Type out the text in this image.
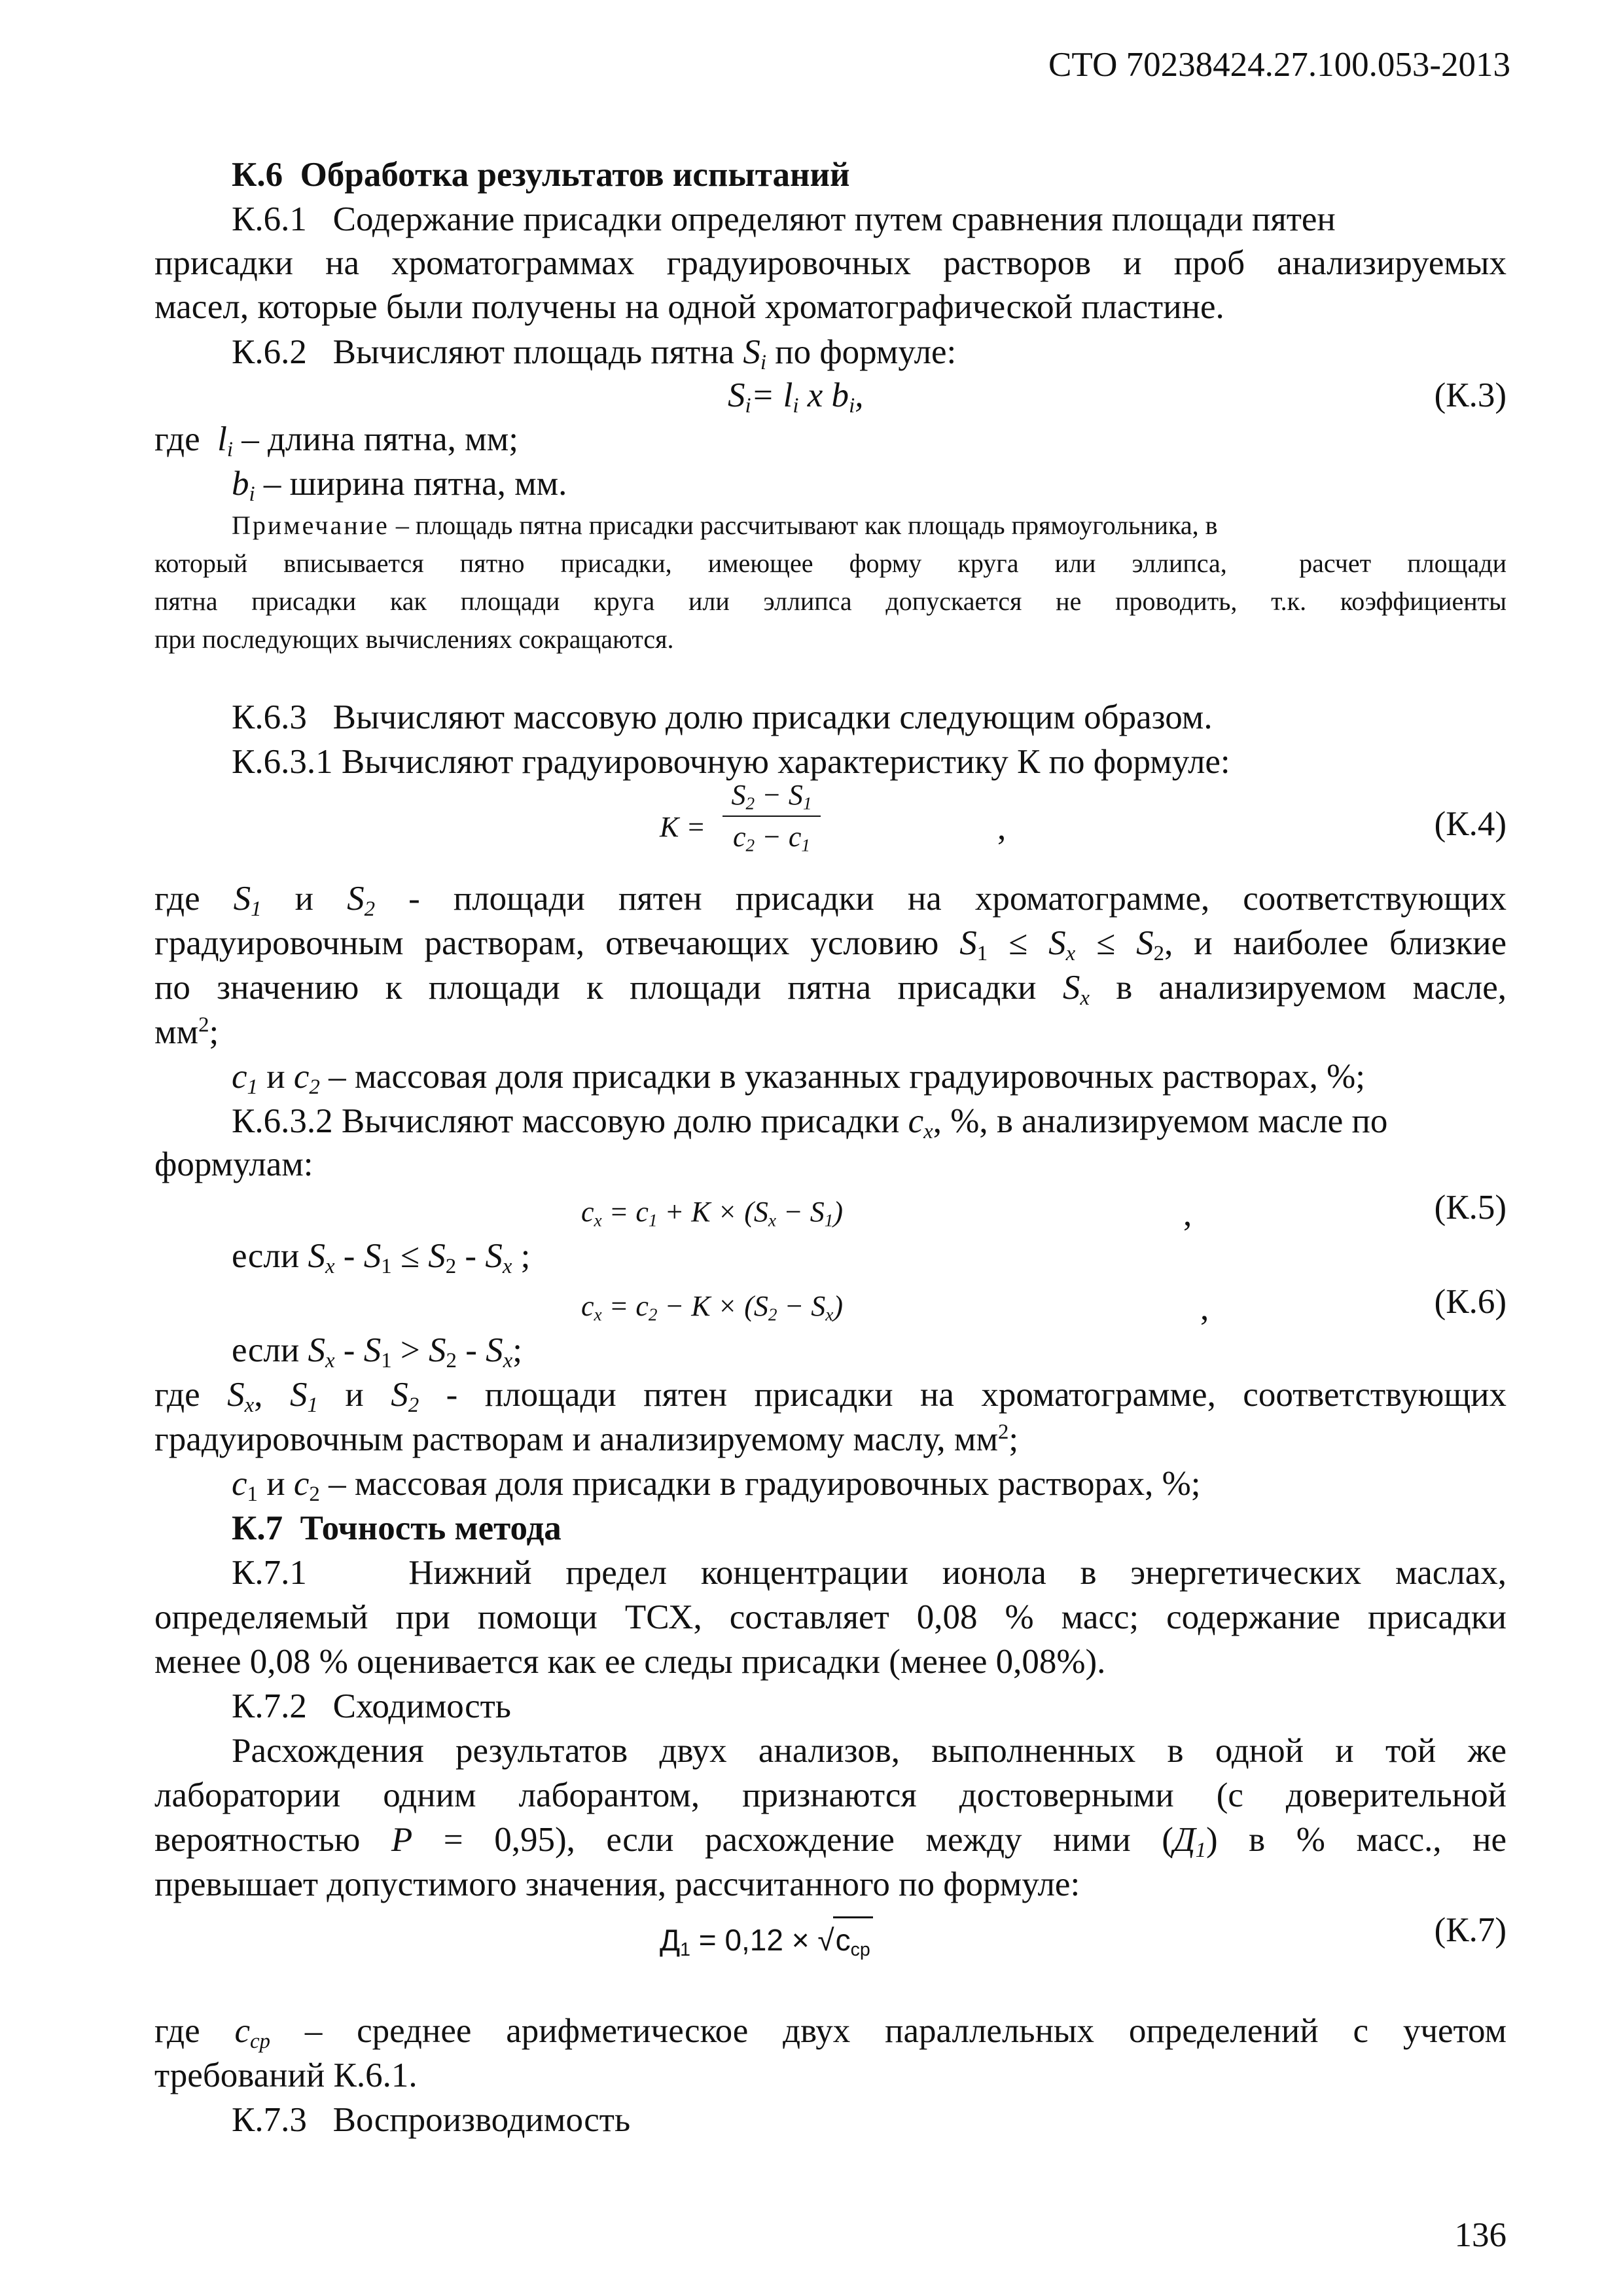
СТО 70238424.27.100.053-2013
К.6  Обработка результатов испытаний
К.6.1   Содержание присадки определяют путем сравнения площади пятен
присадки на хроматограммах градуировочных растворов и проб анализируемых
масел, которые были получены на одной хроматографической пластине.
К.6.2   Вычисляют площадь пятна $S_i$ по формуле:
$S_i= l_i$ x $b_i$,	(К.3)
где $l_i$ – длина пятна, мм;
$b_i$ – ширина пятна, мм.
Примечание – площадь пятна присадки рассчитывают как площадь прямоугольника, в
который вписывается пятно присадки, имеющее форму круга или эллипса,  расчет площади
пятна присадки как площади круга или эллипса допускается не проводить, т.к. коэффициенты
при последующих вычислениях сокращаются.
К.6.3   Вычисляют массовую долю присадки следующим образом.
К.6.3.1 Вычисляют градуировочную характеристику К по формуле:
K =
$S_2 - S_1$
$c_2 - c_1$	,	(К.4)
где $S_1$ и $S_2$ - площади пятен присадки на хроматограмме, соответствующих
градуировочным растворам, отвечающих условию $S_1 \le S_x \le S_2$, и наиболее близкие
по значению к площади к площади пятна присадки $S_x$ в анализируемом масле,
$мм^2$;
$c_1$ и $c_2$ – массовая доля присадки в указанных градуировочных растворах, %;
К.6.3.2 Вычисляют массовую долю присадки $c_x$, %, в анализируемом масле по
формулам:
$c_x = c_1 + K \times (S_x - S_1)$	,	(К.5)
если $S_x - S_1 \le S_2 - S_x$ ;
$c_x = c_2 - K \times (S_2 - S_x)$	,	(К.6)
если $S_x - S_1 > S_2 - S_x$;
где $S_x$, $S_1$ и $S_2$ - площади пятен присадки на хроматограмме, соответствующих
градуировочным растворам и анализируемому маслу, $мм^2$;
$c_1$ и $c_2$ – массовая доля присадки в градуировочных растворах, %;
К.7  Точность метода
К.7.1   Нижний предел концентрации ионола в энергетических маслах,
определяемый при помощи ТСХ, составляет 0,08 % масс; содержание присадки
менее 0,08 % оценивается как ее следы присадки (менее 0,08%).
К.7.2   Сходимость
Расхождения результатов двух анализов, выполненных в одной и той же
лаборатории одним лаборантом, признаются достоверными (с доверительной
вероятностью P = 0,95), если расхождение между ними $(Д_1)$ в % масс., не
превышает допустимого значения, рассчитанного по формуле:
$Д_1 = 0,12 \times √c_{ср}$
(К.7)
где $c_{ср}$ – среднее арифметическое двух параллельных определений с учетом
требований К.6.1.
К.7.3   Воспроизводимость
136
